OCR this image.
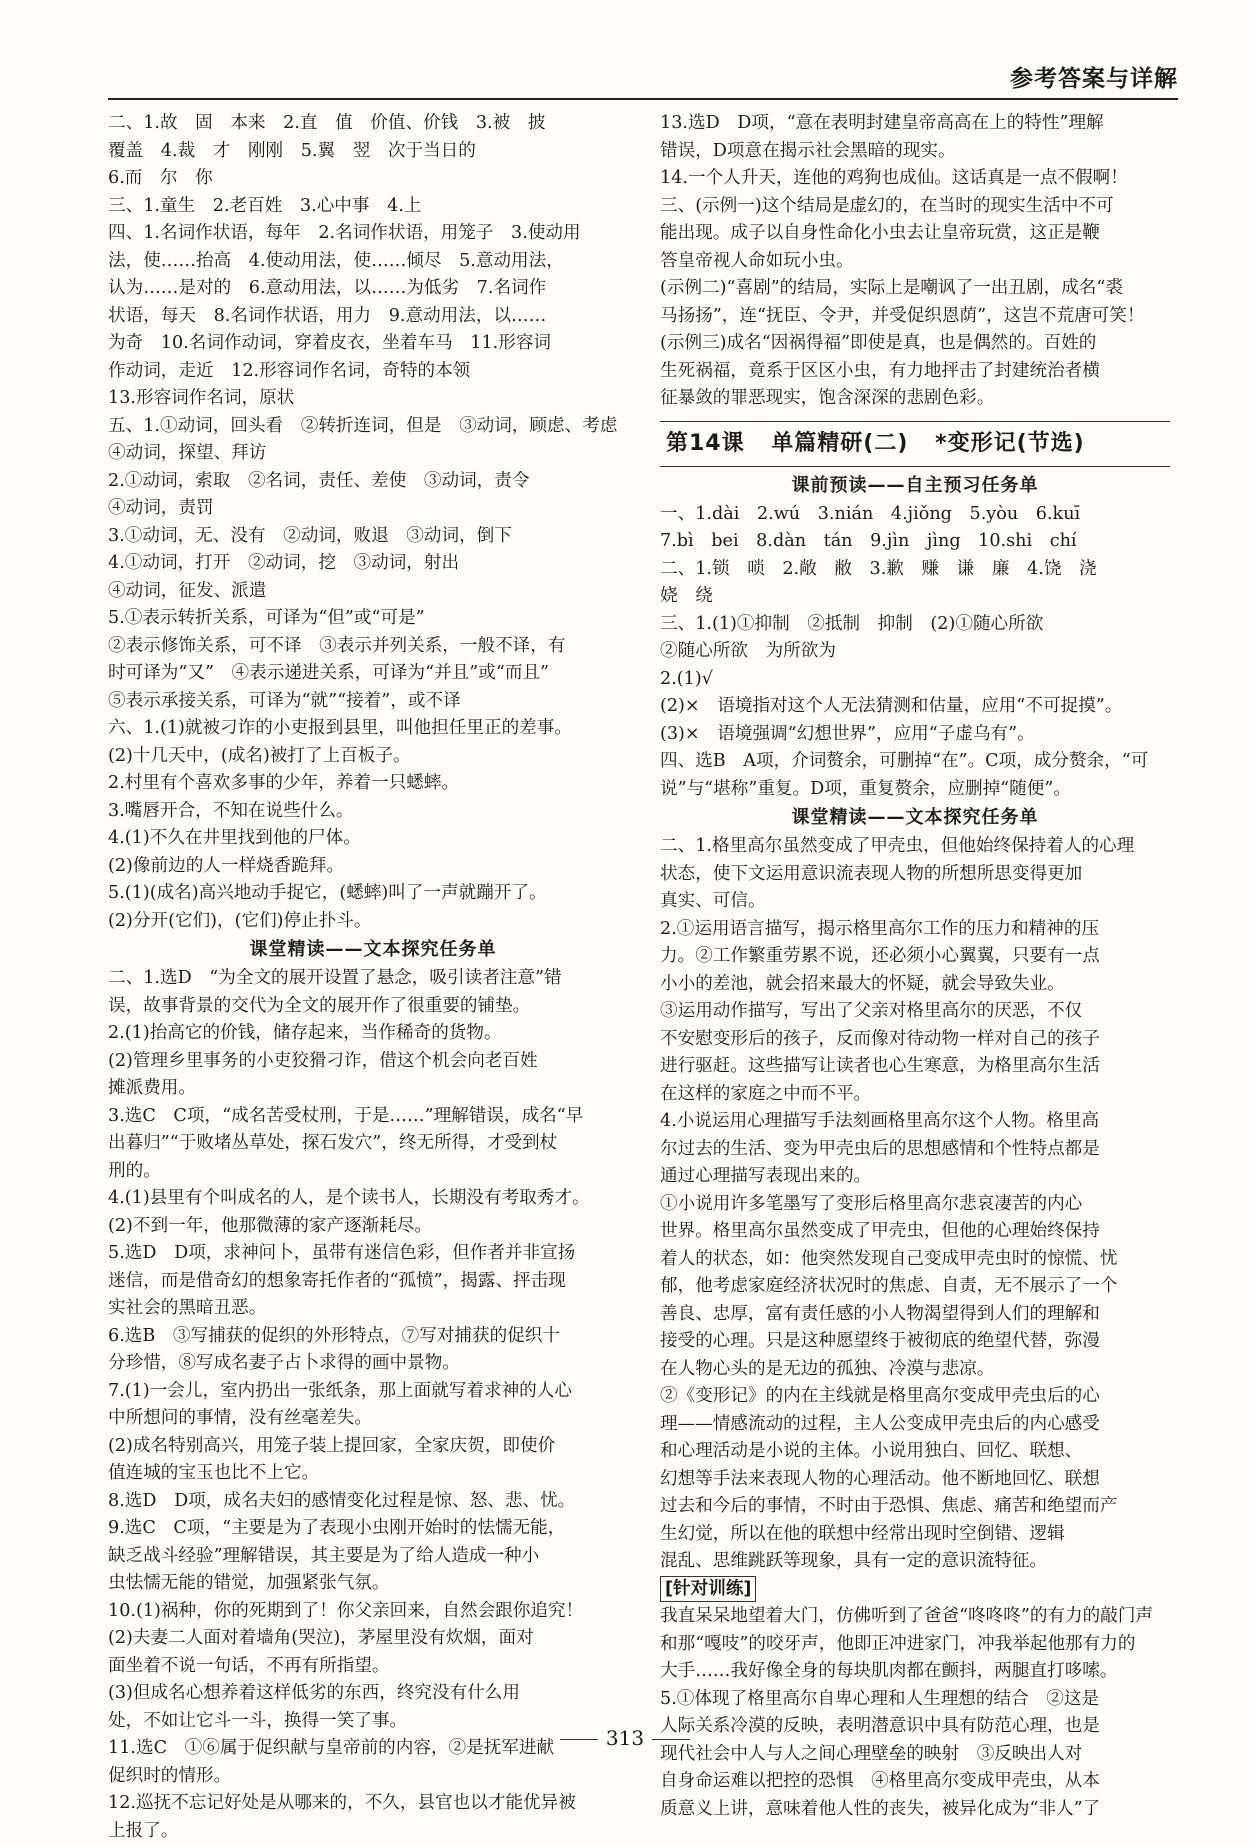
参考答案与详解

二、1.故　固　本来　2.直　值　价值、价钱　3.被　披

覆盖　4.裁　才　刚刚　5.翼　翌　次于当日的

6.而　尔　你

三、1.童生　2.老百姓　3.心中事　4.上

四、1.名词作状语，每年　2.名词作状语，用笼子　3.使动用

法，使……抬高　4.使动用法，使……倾尽　5.意动用法，

认为……是对的　6.意动用法，以……为低劣　7.名词作

状语，每天　8.名词作状语，用力　9.意动用法，以……

为奇　10.名词作动词，穿着皮衣，坐着车马　11.形容词

作动词，走近　12.形容词作名词，奇特的本领

13.形容词作名词，原状

五、1.①动词，回头看　②转折连词，但是　③动词，顾虑、考虑

④动词，探望、拜访

2.①动词，索取　②名词，责任、差使　③动词，责令

④动词，责罚

3.①动词，无、没有　②动词，败退　③动词，倒下

4.①动词，打开　②动词，挖　③动词，射出

④动词，征发、派遣

5.①表示转折关系，可译为“但”或“可是”

②表示修饰关系，可不译　③表示并列关系，一般不译，有

时可译为“又”　④表示递进关系，可译为“并且”或“而且”

⑤表示承接关系，可译为“就”“接着”，或不译

六、1.(1)就被刁诈的小吏报到县里，叫他担任里正的差事。

(2)十几天中，(成名)被打了上百板子。

2.村里有个喜欢多事的少年，养着一只蟋蟀。

3.嘴唇开合，不知在说些什么。

4.(1)不久在井里找到他的尸体。

(2)像前边的人一样烧香跪拜。

5.(1)(成名)高兴地动手捉它，(蟋蟀)叫了一声就蹦开了。

(2)分开(它们)，(它们)停止扑斗。

课堂精读——文本探究任务单

二、1.选D　“为全文的展开设置了悬念，吸引读者注意”错

误，故事背景的交代为全文的展开作了很重要的铺垫。

2.(1)抬高它的价钱，储存起来，当作稀奇的货物。

(2)管理乡里事务的小吏狡猾刁诈，借这个机会向老百姓

摊派费用。

3.选C　C项，“成名苦受杖刑，于是……”理解错误，成名“早

出暮归”“于败堵丛草处，探石发穴”，终无所得，才受到杖

刑的。

4.(1)县里有个叫成名的人，是个读书人，长期没有考取秀才。

(2)不到一年，他那微薄的家产逐渐耗尽。

5.选D　D项，求神问卜，虽带有迷信色彩，但作者并非宣扬

迷信，而是借奇幻的想象寄托作者的“孤愤”，揭露、抨击现

实社会的黑暗丑恶。

6.选B　③写捕获的促织的外形特点，⑦写对捕获的促织十

分珍惜，⑧写成名妻子占卜求得的画中景物。

7.(1)一会儿，室内扔出一张纸条，那上面就写着求神的人心

中所想问的事情，没有丝毫差失。

(2)成名特别高兴，用笼子装上提回家，全家庆贺，即使价

值连城的宝玉也比不上它。

8.选D　D项，成名夫妇的感情变化过程是惊、怒、悲、忧。

9.选C　C项，“主要是为了表现小虫刚开始时的怯懦无能，

缺乏战斗经验”理解错误，其主要是为了给人造成一种小

虫怯懦无能的错觉，加强紧张气氛。

10.(1)祸种，你的死期到了！你父亲回来，自然会跟你追究！

(2)夫妻二人面对着墙角(哭泣)，茅屋里没有炊烟，面对

面坐着不说一句话，不再有所指望。

(3)但成名心想养着这样低劣的东西，终究没有什么用

处，不如让它斗一斗，换得一笑了事。

11.选C　①⑥属于促织献与皇帝前的内容，②是抚军进献

促织时的情形。

12.巡抚不忘记好处是从哪来的，不久，县官也以才能优异被

上报了。

13.选D　D项，“意在表明封建皇帝高高在上的特性”理解

错误，D项意在揭示社会黑暗的现实。

14.一个人升天，连他的鸡狗也成仙。这话真是一点不假啊！

三、(示例一)这个结局是虚幻的，在当时的现实生活中不可

能出现。成子以自身性命化小虫去让皇帝玩赏，这正是鞭

答皇帝视人命如玩小虫。

(示例二)“喜剧”的结局，实际上是嘲讽了一出丑剧，成名“裘

马扬扬”，连“抚臣、令尹，并受促织恩荫”，这岂不荒唐可笑！

(示例三)成名“因祸得福”即使是真，也是偶然的。百姓的

生死祸福，竟系于区区小虫，有力地抨击了封建统治者横

征暴敛的罪恶现实，饱含深深的悲剧色彩。

第14课 单篇精研(二) *变形记(节选)
课前预读——自主预习任务单

一、1.dài　2.wú　3.nián　4.jiǒng　5.yòu　6.kuī

7.bì　bei　8.dàn　tán　9.jìn　jìng　10.shi　chí

二、1.锁　唢　2.敞　敝　3.歉　赚　谦　廉　4.饶　浇

娆　绕

三、1.(1)①抑制　②抵制　抑制　(2)①随心所欲

②随心所欲　为所欲为

2.(1)√

(2)×　语境指对这个人无法猜测和估量，应用“不可捉摸”。

(3)×　语境强调“幻想世界”，应用“子虚乌有”。

四、选B　A项，介词赘余，可删掉“在”。C项，成分赘余，“可

说”与“堪称”重复。D项，重复赘余，应删掉“随便”。

课堂精读——文本探究任务单

二、1.格里高尔虽然变成了甲壳虫，但他始终保持着人的心理

状态，使下文运用意识流表现人物的所想所思变得更加

真实、可信。

2.①运用语言描写，揭示格里高尔工作的压力和精神的压

力。②工作繁重劳累不说，还必须小心翼翼，只要有一点

小小的差池，就会招来最大的怀疑，就会导致失业。

③运用动作描写，写出了父亲对格里高尔的厌恶，不仅

不安慰变形后的孩子，反而像对待动物一样对自己的孩子

进行驱赶。这些描写让读者也心生寒意，为格里高尔生活

在这样的家庭之中而不平。

4.小说运用心理描写手法刻画格里高尔这个人物。格里高

尔过去的生活、变为甲壳虫后的思想感情和个性特点都是

通过心理描写表现出来的。

①小说用许多笔墨写了变形后格里高尔悲哀凄苦的内心

世界。格里高尔虽然变成了甲壳虫，但他的心理始终保持

着人的状态，如：他突然发现自己变成甲壳虫时的惊慌、忧

郁，他考虑家庭经济状况时的焦虑、自责，无不展示了一个

善良、忠厚，富有责任感的小人物渴望得到人们的理解和

接受的心理。只是这种愿望终于被彻底的绝望代替，弥漫

在人物心头的是无边的孤独、冷漠与悲凉。

②《变形记》的内在主线就是格里高尔变成甲壳虫后的心

理——情感流动的过程，主人公变成甲壳虫后的内心感受

和心理活动是小说的主体。小说用独白、回忆、联想、

幻想等手法来表现人物的心理活动。他不断地回忆、联想

过去和今后的事情，不时由于恐惧、焦虑、痛苦和绝望而产

生幻觉，所以在他的联想中经常出现时空倒错、逻辑

混乱、思维跳跃等现象，具有一定的意识流特征。

[针对训练]

我直呆呆地望着大门，仿佛听到了爸爸“咚咚咚”的有力的敲门声

和那“嘎吱”的咬牙声，他即正冲进家门，冲我举起他那有力的

大手……我好像全身的每块肌肉都在颤抖，两腿直打哆嗦。

5.①体现了格里高尔自卑心理和人生理想的结合　②这是

人际关系冷漠的反映，表明潜意识中具有防范心理，也是

现代社会中人与人之间心理壁垒的映射　③反映出人对

自身命运难以把控的恐惧　④格里高尔变成甲壳虫，从本

质意义上讲，意味着他人性的丧失，被异化成为“非人”了

313
